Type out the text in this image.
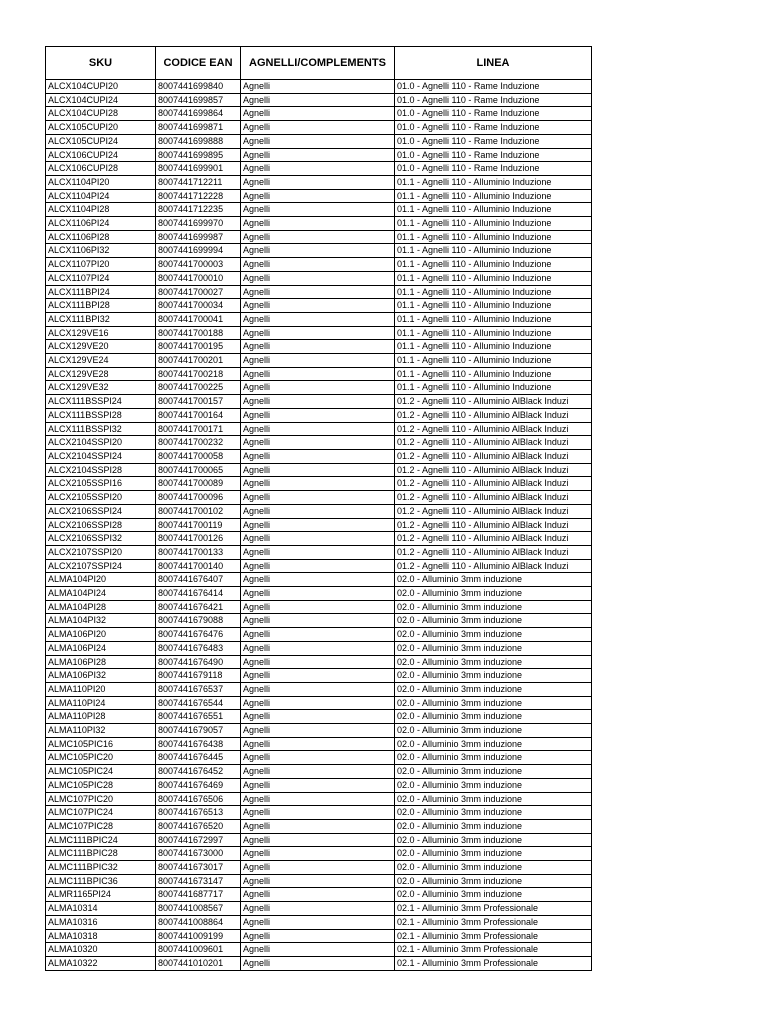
SKU	CODICE EAN	AGNELLI/COMPLEMENTS	LINEA
ALCX104CUPI20	8007441699840	Agnelli	01.0 - Agnelli 110 - Rame Induzione
ALCX104CUPI24	8007441699857	Agnelli	01.0 - Agnelli 110 - Rame Induzione
ALCX104CUPI28	8007441699864	Agnelli	01.0 - Agnelli 110 - Rame Induzione
ALCX105CUPI20	8007441699871	Agnelli	01.0 - Agnelli 110 - Rame Induzione
ALCX105CUPI24	8007441699888	Agnelli	01.0 - Agnelli 110 - Rame Induzione
ALCX106CUPI24	8007441699895	Agnelli	01.0 - Agnelli 110 - Rame Induzione
ALCX106CUPI28	8007441699901	Agnelli	01.0 - Agnelli 110 - Rame Induzione
ALCX1104PI20	8007441712211	Agnelli	01.1 - Agnelli 110 - Alluminio Induzione
ALCX1104PI24	8007441712228	Agnelli	01.1 - Agnelli 110 - Alluminio Induzione
ALCX1104PI28	8007441712235	Agnelli	01.1 - Agnelli 110 - Alluminio Induzione
ALCX1106PI24	8007441699970	Agnelli	01.1 - Agnelli 110 - Alluminio Induzione
ALCX1106PI28	8007441699987	Agnelli	01.1 - Agnelli 110 - Alluminio Induzione
ALCX1106PI32	8007441699994	Agnelli	01.1 - Agnelli 110 - Alluminio Induzione
ALCX1107PI20	8007441700003	Agnelli	01.1 - Agnelli 110 - Alluminio Induzione
ALCX1107PI24	8007441700010	Agnelli	01.1 - Agnelli 110 - Alluminio Induzione
ALCX111BPI24	8007441700027	Agnelli	01.1 - Agnelli 110 - Alluminio Induzione
ALCX111BPI28	8007441700034	Agnelli	01.1 - Agnelli 110 - Alluminio Induzione
ALCX111BPI32	8007441700041	Agnelli	01.1 - Agnelli 110 - Alluminio Induzione
ALCX129VE16	8007441700188	Agnelli	01.1 - Agnelli 110 - Alluminio Induzione
ALCX129VE20	8007441700195	Agnelli	01.1 - Agnelli 110 - Alluminio Induzione
ALCX129VE24	8007441700201	Agnelli	01.1 - Agnelli 110 - Alluminio Induzione
ALCX129VE28	8007441700218	Agnelli	01.1 - Agnelli 110 - Alluminio Induzione
ALCX129VE32	8007441700225	Agnelli	01.1 - Agnelli 110 - Alluminio Induzione
ALCX111BSSPI24	8007441700157	Agnelli	01.2 - Agnelli 110 - Alluminio AlBlack Induzi
ALCX111BSSPI28	8007441700164	Agnelli	01.2 - Agnelli 110 - Alluminio AlBlack Induzi
ALCX111BSSPI32	8007441700171	Agnelli	01.2 - Agnelli 110 - Alluminio AlBlack Induzi
ALCX2104SSPI20	8007441700232	Agnelli	01.2 - Agnelli 110 - Alluminio AlBlack Induzi
ALCX2104SSPI24	8007441700058	Agnelli	01.2 - Agnelli 110 - Alluminio AlBlack Induzi
ALCX2104SSPI28	8007441700065	Agnelli	01.2 - Agnelli 110 - Alluminio AlBlack Induzi
ALCX2105SSPI16	8007441700089	Agnelli	01.2 - Agnelli 110 - Alluminio AlBlack Induzi
ALCX2105SSPI20	8007441700096	Agnelli	01.2 - Agnelli 110 - Alluminio AlBlack Induzi
ALCX2106SSPI24	8007441700102	Agnelli	01.2 - Agnelli 110 - Alluminio AlBlack Induzi
ALCX2106SSPI28	8007441700119	Agnelli	01.2 - Agnelli 110 - Alluminio AlBlack Induzi
ALCX2106SSPI32	8007441700126	Agnelli	01.2 - Agnelli 110 - Alluminio AlBlack Induzi
ALCX2107SSPI20	8007441700133	Agnelli	01.2 - Agnelli 110 - Alluminio AlBlack Induzi
ALCX2107SSPI24	8007441700140	Agnelli	01.2 - Agnelli 110 - Alluminio AlBlack Induzi
ALMA104PI20	8007441676407	Agnelli	02.0 - Alluminio 3mm induzione
ALMA104PI24	8007441676414	Agnelli	02.0 - Alluminio 3mm induzione
ALMA104PI28	8007441676421	Agnelli	02.0 - Alluminio 3mm induzione
ALMA104PI32	8007441679088	Agnelli	02.0 - Alluminio 3mm induzione
ALMA106PI20	8007441676476	Agnelli	02.0 - Alluminio 3mm induzione
ALMA106PI24	8007441676483	Agnelli	02.0 - Alluminio 3mm induzione
ALMA106PI28	8007441676490	Agnelli	02.0 - Alluminio 3mm induzione
ALMA106PI32	8007441679118	Agnelli	02.0 - Alluminio 3mm induzione
ALMA110PI20	8007441676537	Agnelli	02.0 - Alluminio 3mm induzione
ALMA110PI24	8007441676544	Agnelli	02.0 - Alluminio 3mm induzione
ALMA110PI28	8007441676551	Agnelli	02.0 - Alluminio 3mm induzione
ALMA110PI32	8007441679057	Agnelli	02.0 - Alluminio 3mm induzione
ALMC105PIC16	8007441676438	Agnelli	02.0 - Alluminio 3mm induzione
ALMC105PIC20	8007441676445	Agnelli	02.0 - Alluminio 3mm induzione
ALMC105PIC24	8007441676452	Agnelli	02.0 - Alluminio 3mm induzione
ALMC105PIC28	8007441676469	Agnelli	02.0 - Alluminio 3mm induzione
ALMC107PIC20	8007441676506	Agnelli	02.0 - Alluminio 3mm induzione
ALMC107PIC24	8007441676513	Agnelli	02.0 - Alluminio 3mm induzione
ALMC107PIC28	8007441676520	Agnelli	02.0 - Alluminio 3mm induzione
ALMC111BPIC24	8007441672997	Agnelli	02.0 - Alluminio 3mm induzione
ALMC111BPIC28	8007441673000	Agnelli	02.0 - Alluminio 3mm induzione
ALMC111BPIC32	8007441673017	Agnelli	02.0 - Alluminio 3mm induzione
ALMC111BPIC36	8007441673147	Agnelli	02.0 - Alluminio 3mm induzione
ALMR1165PI24	8007441687717	Agnelli	02.0 - Alluminio 3mm induzione
ALMA10314	8007441008567	Agnelli	02.1 - Alluminio 3mm Professionale
ALMA10316	8007441008864	Agnelli	02.1 - Alluminio 3mm Professionale
ALMA10318	8007441009199	Agnelli	02.1 - Alluminio 3mm Professionale
ALMA10320	8007441009601	Agnelli	02.1 - Alluminio 3mm Professionale
ALMA10322	8007441010201	Agnelli	02.1 - Alluminio 3mm Professionale
